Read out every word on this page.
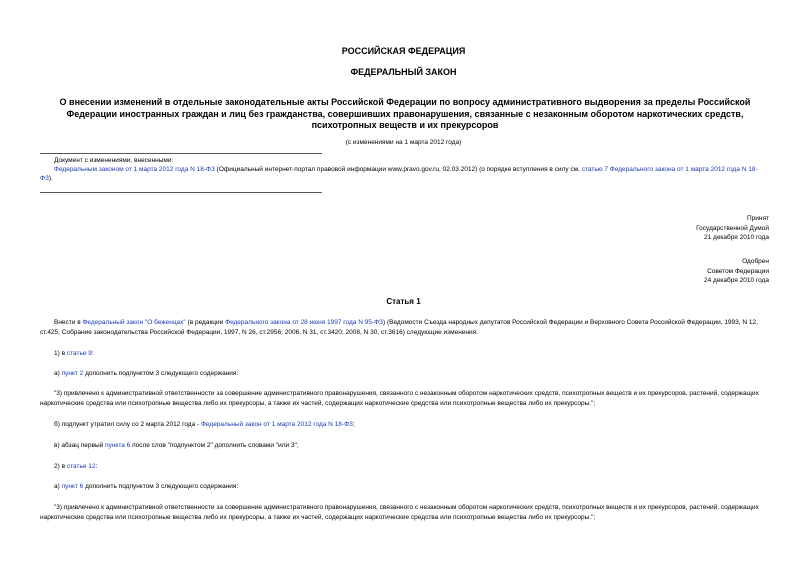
РОССИЙСКАЯ ФЕДЕРАЦИЯ
ФЕДЕРАЛЬНЫЙ ЗАКОН
О внесении изменений в отдельные законодательные акты Российской Федерации по вопросу административного выдворения за пределы Российской Федерации иностранных граждан и лиц без гражданства, совершивших правонарушения, связанные с незаконным оборотом наркотических средств, психотропных веществ и их прекурсоров
(с изменениями на 1 марта 2012 года)
Документ с изменениями, внесенными:
Федеральным законом от 1 марта 2012 года N 18-ФЗ (Официальный интернет-портал правовой информации www.pravo.gov.ru, 02.03.2012) (о порядке вступления в силу см. статью 7 Федерального закона от 1 марта 2012 года N 18-ФЗ).
Принят
Государственной Думой
21 декабря 2010 года
Одобрен
Советом Федерации
24 декабря 2010 года
Статья 1
Внести в Федеральный закон "О беженцах" (в редакции Федерального закона от 28 июня 1997 года N 95-ФЗ) (Ведомости Съезда народных депутатов Российской Федерации и Верховного Совета Российской Федерации, 1993, N 12, ст.425; Собрание законодательства Российской Федерации, 1997, N 26, ст.2956; 2006, N 31, ст.3420; 2008, N 30, ст.3616) следующие изменения:
1) в статье 9:
а) пункт 2 дополнить подпунктом 3 следующего содержания:
"3) привлечено к административной ответственности за совершение административного правонарушения, связанного с незаконным оборотом наркотических средств, психотропных веществ и их прекурсоров, растений, содержащих наркотические средства или психотропные вещества либо их прекурсоры, а также их частей, содержащих наркотические средства или психотропные вещества либо их прекурсоры.";
б) подпункт утратил силу со 2 марта 2012 года - Федеральный закон от 1 марта 2012 года N 18-ФЗ;
в) абзац первый пункта 6 после слов "подпунктом 2" дополнить словами "или 3";
2) в статье 12:
а) пункт 6 дополнить подпунктом 3 следующего содержания:
"3) привлечено к административной ответственности за совершение административного правонарушения, связанного с незаконным оборотом наркотических средств, психотропных веществ и их прекурсоров, растений, содержащих наркотические средства или психотропные вещества либо их прекурсоры, а также их частей, содержащих наркотические средства или психотропные вещества либо их прекурсоры.";
